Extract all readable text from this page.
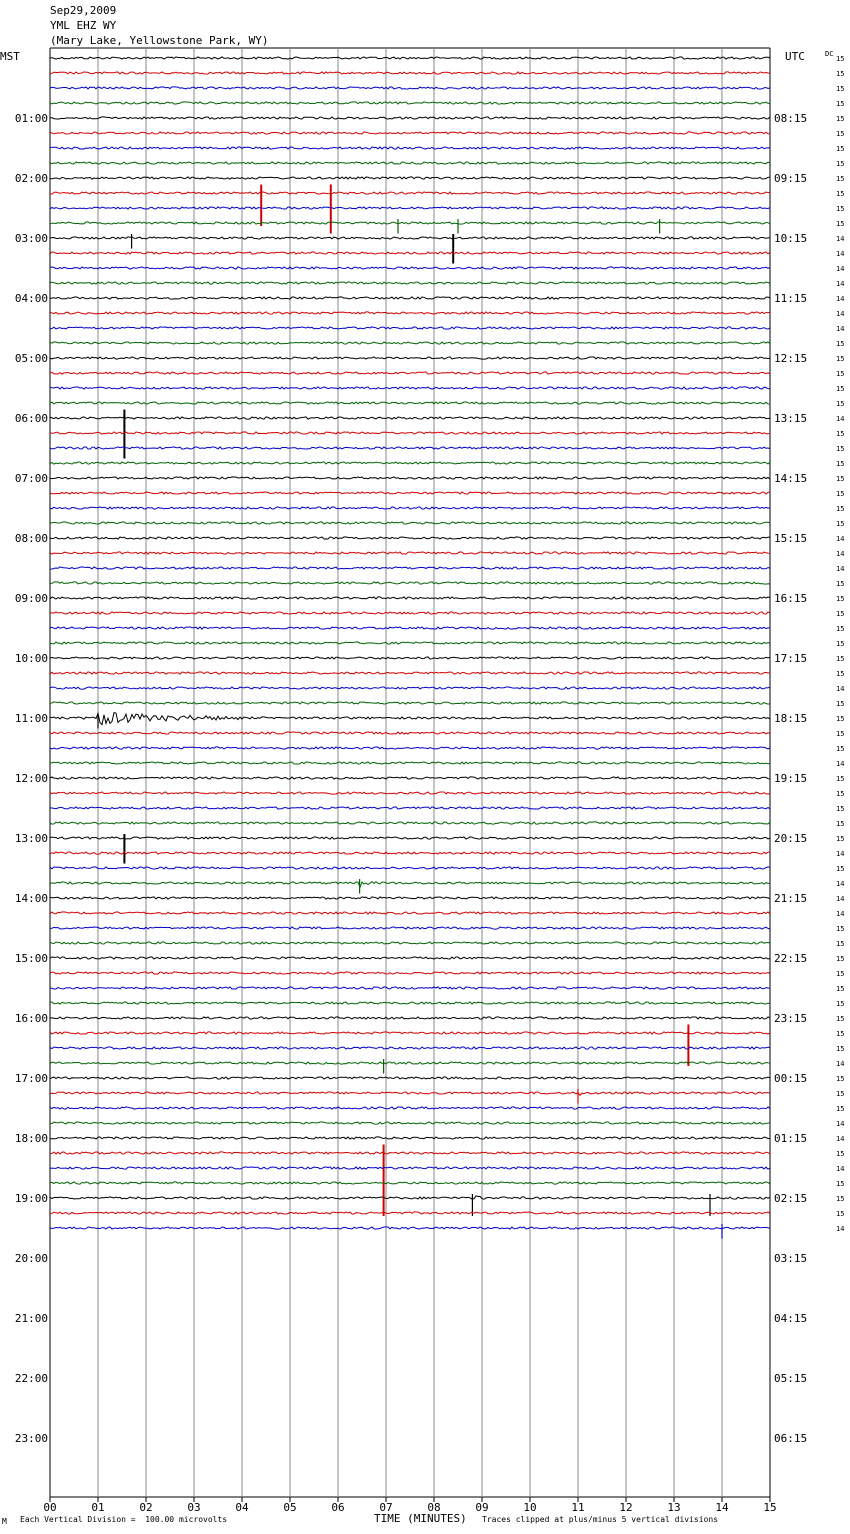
Sep29,2009
YML EHZ WY
(Mary Lake, Yellowstone Park, WY)
MST	UTC	DC
00	01	02	03	04	05	06	07	08	09	10	11	12	13	14	15
01:00
02:00
03:00
04:00
05:00
06:00
07:00
08:00
09:00
10:00
11:00
12:00
13:00
14:00
15:00
16:00
17:00
18:00
19:00
20:00
21:00
22:00
23:00
08:15
09:15
10:15
11:15
12:15
13:15
14:15
15:15
16:15
17:15
18:15
19:15
20:15
21:15
22:15
23:15
00:15
01:15
02:15
03:15
04:15
05:15
06:15
15
15
15
15
15
15
15
15
15
15
15
15
14
14
14
14
14
14
14
15
15
15
15
15
14
15
15
15
15
15
15
15
14
14
14
15
15
15
15
15
15
15
14
15
15
15
15
14
15
15
15
15
15
14
15
14
14
14
15
15
15
15
15
15
15
15
15
14
15
15
15
14
14
15
14
15
15
15
14
M Each Vertical Division =  100.00 microvolts	TIME (MINUTES) Traces clipped at plus/minus 5 vertical divisions
